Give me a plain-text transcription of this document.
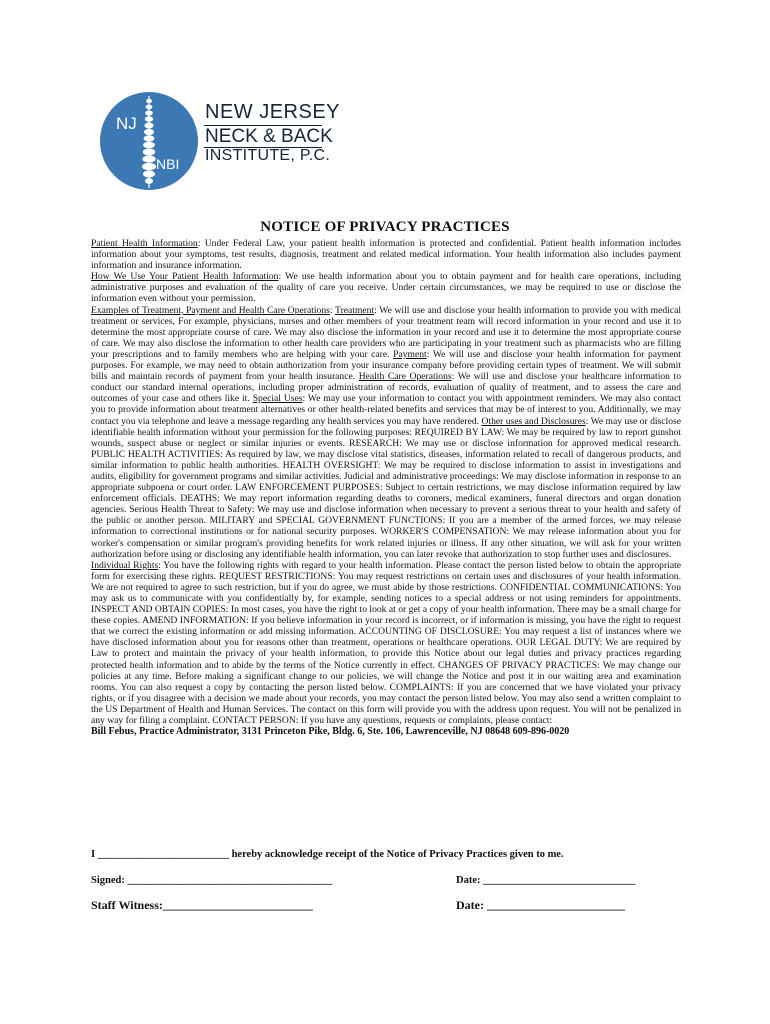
NJ
NBI
NEW JERSEY
NECK & BACK
INSTITUTE, P.C.
NOTICE OF PRIVACY PRACTICES

Patient Health Information: Under Federal Law, your patient health information is protected and confidential. Patient health information includes information about your symptoms, test results, diagnosis, treatment and related medical information. Your health information also includes payment information and insurance information.

How We Use Your Patient Health Information: We use health information about you to obtain payment and for health care operations, including administrative purposes and evaluation of the quality of care you receive. Under certain circumstances, we may be required to use or disclose the information even without your permission.

Examples of Treatment, Payment and Health Care Operations: Treatment: We will use and disclose your health information to provide you with medical treatment or services, For example, physicians, nurses and other members of your treatment team will record information in your record and use it to determine the most appropriate course of care. We may also disclose the information in your record and use it to determine the most appropriate course of care. We may also disclose the information to other health care providers who are participating in your treatment such as pharmacists who are filling your prescriptions and to family members who are helping with your care. Payment: We will use and disclose your health information for payment purposes. For example, we may need to obtain authorization from your insurance company before providing certain types of treatment. We will submit bills and maintain records of payment from your health insurance. Health Care Operations: We will use and disclose your healthcare information to conduct our standard internal operations, including proper administration of records, evaluation of quality of treatment, and to assess the care and outcomes of your case and others like it. Special Uses: We may use your information to contact you with appointment reminders. We may also contact you to provide information about treatment alternatives or other health-related benefits and services that may be of interest to you. Additionally, we may contact you via telephone and leave a message regarding any health services you may have rendered. Other uses and Disclosures: We may use or disclose identifiable health information without your permission for the following purposes: REQUIRED BY LAW: We may be required by law to report gunshot wounds, suspect abuse or neglect or similar injuries or events. RESEARCH: We may use or disclose information for approved medical research. PUBLIC HEALTH ACTIVITIES: As required by law, we may disclose vital statistics, diseases, information related to recall of dangerous products, and similar information to public health authorities. HEALTH OVERSIGHT: We may be required to disclose information to assist in investigations and audits, eligibility for government programs and similar activities. Judicial and administrative proceedings: We may disclose information in response to an appropriate subpoena or court order. LAW ENFORCEMENT PURPOSES: Subject to certain restrictions, we may disclose information required by law enforcement officials. DEATHS: We may report information regarding deaths to coroners, medical examiners, funeral directors and organ donation agencies. Serious Health Threat to Safety: We may use and disclose information when necessary to prevent a serious threat to your health and safety of the public or another person. MILITARY and SPECIAL GOVERNMENT FUNCTIONS: If you are a member of the armed forces, we may release information to correctional institutions or for national security purposes. WORKER'S COMPENSATION: We may release information about you for worker's compensation or similar program's providing benefits for work related injuries or illness. If any other situation, we will ask for your written authorization before using or disclosing any identifiable health information, you can later revoke that authorization to stop further uses and disclosures.

Individual Rights: You have the following rights with regard to your health information. Please contact the person listed below to obtain the appropriate form for exercising these rights. REQUEST RESTRICTIONS: You may request restrictions on certain uses and disclosures of your health information. We are not required to agree to such restriction, but if you do agree, we must abide by those restrictions. CONFIDENTIAL COMMUNICATIONS: You may ask us to communicate with you confidentially by, for example, sending notices to a special address or not using reminders for appointments. INSPECT AND OBTAIN COPIES: In most cases, you have the right to look at or get a copy of your health information. There may be a small charge for these copies. AMEND INFORMATION: If you believe information in your record is incorrect, or if information is missing, you have the right to request that we correct the existing information or add missing information. ACCOUNTING OF DISCLOSURE: You may request a list of instances where we have disclosed information about you for reasons other than treatment, operations or healthcare operations. OUR LEGAL DUTY: We are required by Law to protect and maintain the privacy of your health information, to provide this Notice about our legal duties and privacy practices regarding protected health information and to abide by the terms of the Notice currently in effect. CHANGES OF PRIVACY PRACTICES: We may change our policies at any time. Before making a significant change to our policies, we will change the Notice and post it in our waiting area and examination rooms. You can also request a copy by contacting the person listed below. COMPLAINTS: If you are concerned that we have violated your privacy rights, or if you disagree with a decision we made about your records, you may contact the person listed below. You may also send a written complaint to the US Department of Health and Human Services. The contact on this form will provide you with the address upon request. You will not be penalized in any way for filing a complaint. CONTACT PERSON: If you have any questions, requests or complaints, please contact:

Bill Febus, Practice Administrator, 3131 Princeton Pike, Bldg. 6, Ste. 106, Lawrenceville, NJ 08648 609-896-0020

I _________________________ hereby acknowledge receipt of the Notice of Privacy Practices given to me.
Signed: _______________________________________	Date: _____________________________
Staff Witness:_________________________	Date: _______________________
